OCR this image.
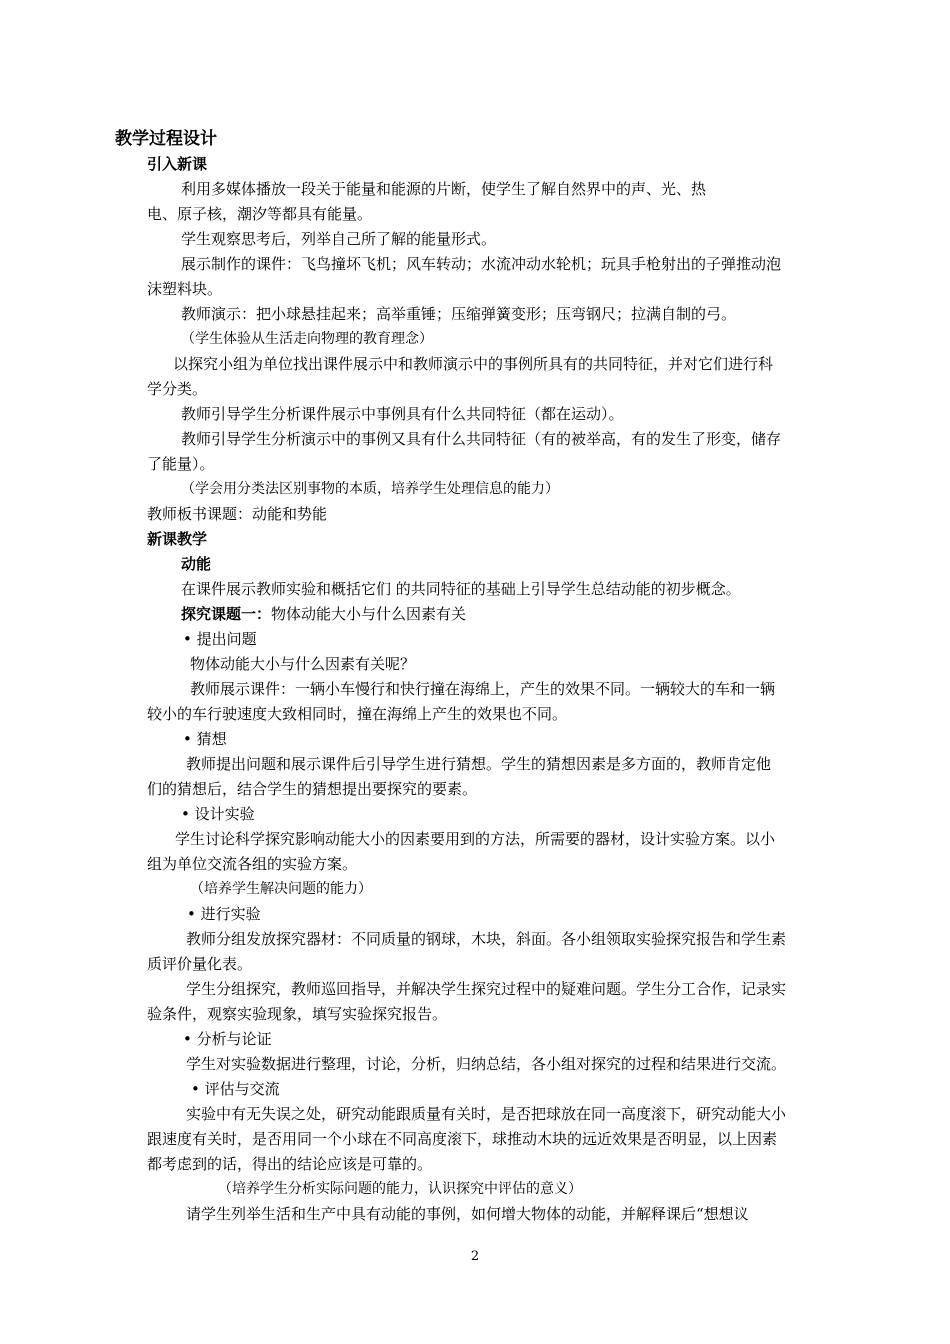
教学过程设计
引入新课
利用多媒体播放一段关于能量和能源的片断，使学生了解自然界中的声、光、热
电、原子核，潮汐等都具有能量。
学生观察思考后，列举自己所了解的能量形式。
展示制作的课件：飞鸟撞坏飞机；风车转动；水流冲动水轮机；玩具手枪射出的子弹推动泡
沫塑料块。
教师演示：把小球悬挂起来；高举重锤；压缩弹簧变形；压弯钢尺；拉满自制的弓。
（学生体验从生活走向物理的教育理念）
以探究小组为单位找出课件展示中和教师演示中的事例所具有的共同特征，并对它们进行科
学分类。
教师引导学生分析课件展示中事例具有什么共同特征（都在运动）。
教师引导学生分析演示中的事例又具有什么共同特征（有的被举高，有的发生了形变，储存
了能量）。
（学会用分类法区别事物的本质，培养学生处理信息的能力）
教师板书课题：动能和势能
新课教学
动能
在课件展示教师实验和概括它们 的共同特征的基础上引导学生总结动能的初步概念。
探究课题一：物体动能大小与什么因素有关
• 提出问题
物体动能大小与什么因素有关呢？
教师展示课件：一辆小车慢行和快行撞在海绵上，产生的效果不同。一辆较大的车和一辆
较小的车行驶速度大致相同时，撞在海绵上产生的效果也不同。
• 猜想
教师提出问题和展示课件后引导学生进行猜想。学生的猜想因素是多方面的，教师肯定他
们的猜想后，结合学生的猜想提出要探究的要素。
• 设计实验
学生讨论科学探究影响动能大小的因素要用到的方法，所需要的器材，设计实验方案。以小
组为单位交流各组的实验方案。
（培养学生解决问题的能力）
• 进行实验
教师分组发放探究器材：不同质量的钢球，木块，斜面。各小组领取实验探究报告和学生素
质评价量化表。
学生分组探究，教师巡回指导，并解决学生探究过程中的疑难问题。学生分工合作，记录实
验条件，观察实验现象，填写实验探究报告。
• 分析与论证
学生对实验数据进行整理，讨论，分析，归纳总结，各小组对探究的过程和结果进行交流。
• 评估与交流
实验中有无失误之处，研究动能跟质量有关时，是否把球放在同一高度滚下，研究动能大小
跟速度有关时，是否用同一个小球在不同高度滚下，球推动木块的远近效果是否明显，以上因素
都考虑到的话，得出的结论应该是可靠的。
（培养学生分析实际问题的能力，认识探究中评估的意义）
请学生列举生活和生产中具有动能的事例，如何增大物体的动能，并解释课后“想想议
2
